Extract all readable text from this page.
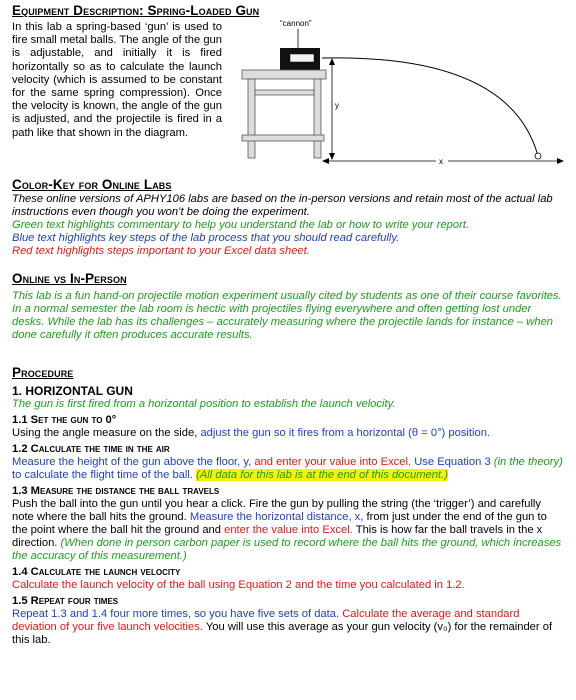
Equipment Description: Spring-Loaded Gun

In this lab a spring-based ‘gun’ is used to fire small metal balls. The angle of the gun is adjustable, and initially it is fired horizontally so as to calculate the launch velocity (which is assumed to be constant for the same spring compression). Once the velocity is known, the angle of the gun is adjusted, and the projectile is fired in a path like that shown in the diagram.

“cannon”
y
x
Color-Key for Online Labs

These online versions of APHY106 labs are based on the in-person versions and retain most of the actual lab instructions even though you won’t be doing the experiment.

Green text highlights commentary to help you understand the lab or how to write your report.

Blue text highlights key steps of the lab process that you should read carefully.

Red text highlights steps important to your Excel data sheet.

Online vs In-Person

This lab is a fun hand-on projectile motion experiment usually cited by students as one of their course favorites. In a normal semester the lab room is hectic with projectiles flying everywhere and often getting lost under desks. While the lab has its challenges – accurately measuring where the projectile lands for instance – when done carefully it often produces accurate results.

Procedure

1. HORIZONTAL GUN

The gun is first fired from a horizontal position to establish the launch velocity.

1.1 Set the gun to 0°

Using the angle measure on the side, adjust the gun so it fires from a horizontal (θ = 0°) position.

1.2 Calculate the time in the air

Measure the height of the gun above the floor, y, and enter your value into Excel. Use Equation 3 (in the theory) to calculate the flight time of the ball. (All data for this lab is at the end of this document.)

1.3 Measure the distance the ball travels

Push the ball into the gun until you hear a click. Fire the gun by pulling the string (the ‘trigger’) and carefully note where the ball hits the ground. Measure the horizontal distance, x, from just under the end of the gun to the point where the ball hit the ground and enter the value into Excel. This is how far the ball travels in the x direction. (When done in person carbon paper is used to record where the ball hits the ground, which increases the accuracy of this measurement.)

1.4 Calculate the launch velocity

Calculate the launch velocity of the ball using Equation 2 and the time you calculated in 1.2.

1.5 Repeat four times

Repeat 1.3 and 1.4 four more times, so you have five sets of data. Calculate the average and standard deviation of your five launch velocities. You will use this average as your gun velocity (v₀) for the remainder of this lab.
